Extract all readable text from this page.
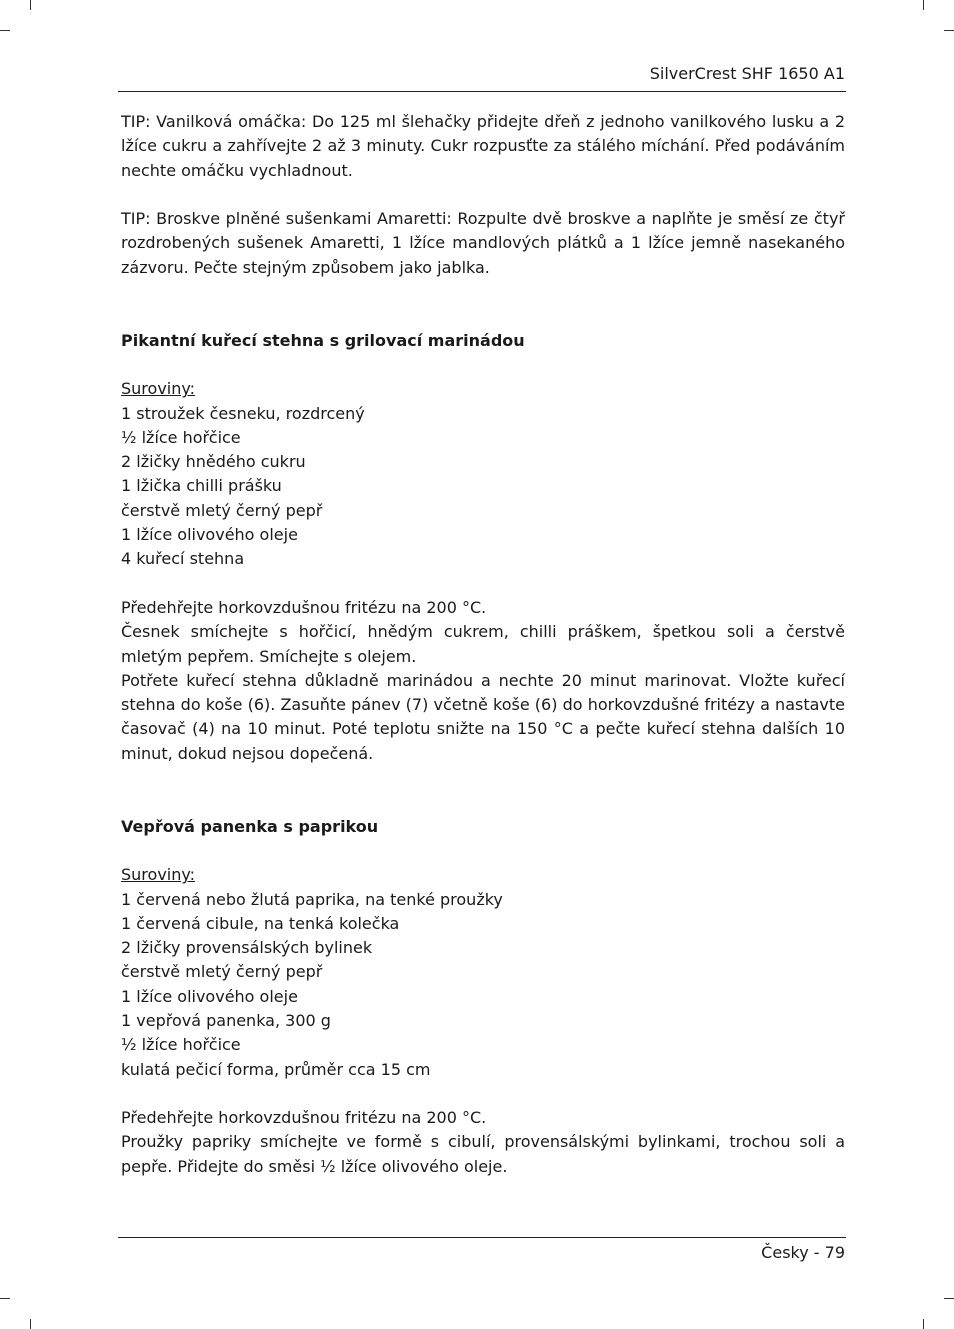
SilverCrest SHF 1650 A1

TIP: Vanilková omáčka: Do 125 ml šlehačky přidejte dřeň z jednoho vanilkového lusku a 2 lžíce cukru a zahřívejte 2 až 3 minuty. Cukr rozpusťte za stálého míchání. Před podáváním nechte omáčku vychladnout.

TIP: Broskve plněné sušenkami Amaretti: Rozpulte dvě broskve a naplňte je směsí ze čtyř rozdrobených sušenek Amaretti, 1 lžíce mandlových plátků a 1 lžíce jemně nasekaného zázvoru. Pečte stejným způsobem jako jablka.

Pikantní kuřecí stehna s grilovací marinádou

Suroviny:

1 stroužek česneku, rozdrcený

½ lžíce hořčice

2 lžičky hnědého cukru

1 lžička chilli prášku

čerstvě mletý černý pepř

1 lžíce olivového oleje

4 kuřecí stehna

Předehřejte horkovzdušnou fritézu na 200 °C.

Česnek smíchejte s hořčicí, hnědým cukrem, chilli práškem, špetkou soli a čerstvě mletým pepřem. Smíchejte s olejem.

Potřete kuřecí stehna důkladně marinádou a nechte 20 minut marinovat. Vložte kuřecí stehna do koše (6). Zasuňte pánev (7) včetně koše (6) do horkovzdušné fritézy a nastavte časovač (4) na 10 minut. Poté teplotu snižte na 150 °C a pečte kuřecí stehna dalších 10 minut, dokud nejsou dopečená.

Vepřová panenka s paprikou

Suroviny:

1 červená nebo žlutá paprika, na tenké proužky

1 červená cibule, na tenká kolečka

2 lžičky provensálských bylinek

čerstvě mletý černý pepř

1 lžíce olivového oleje

1 vepřová panenka, 300 g

½ lžíce hořčice

kulatá pečicí forma, průměr cca 15 cm

Předehřejte horkovzdušnou fritézu na 200 °C.

Proužky papriky smíchejte ve formě s cibulí, provensálskými bylinkami, trochou soli a pepře. Přidejte do směsi ½ lžíce olivového oleje.

Česky - 79
